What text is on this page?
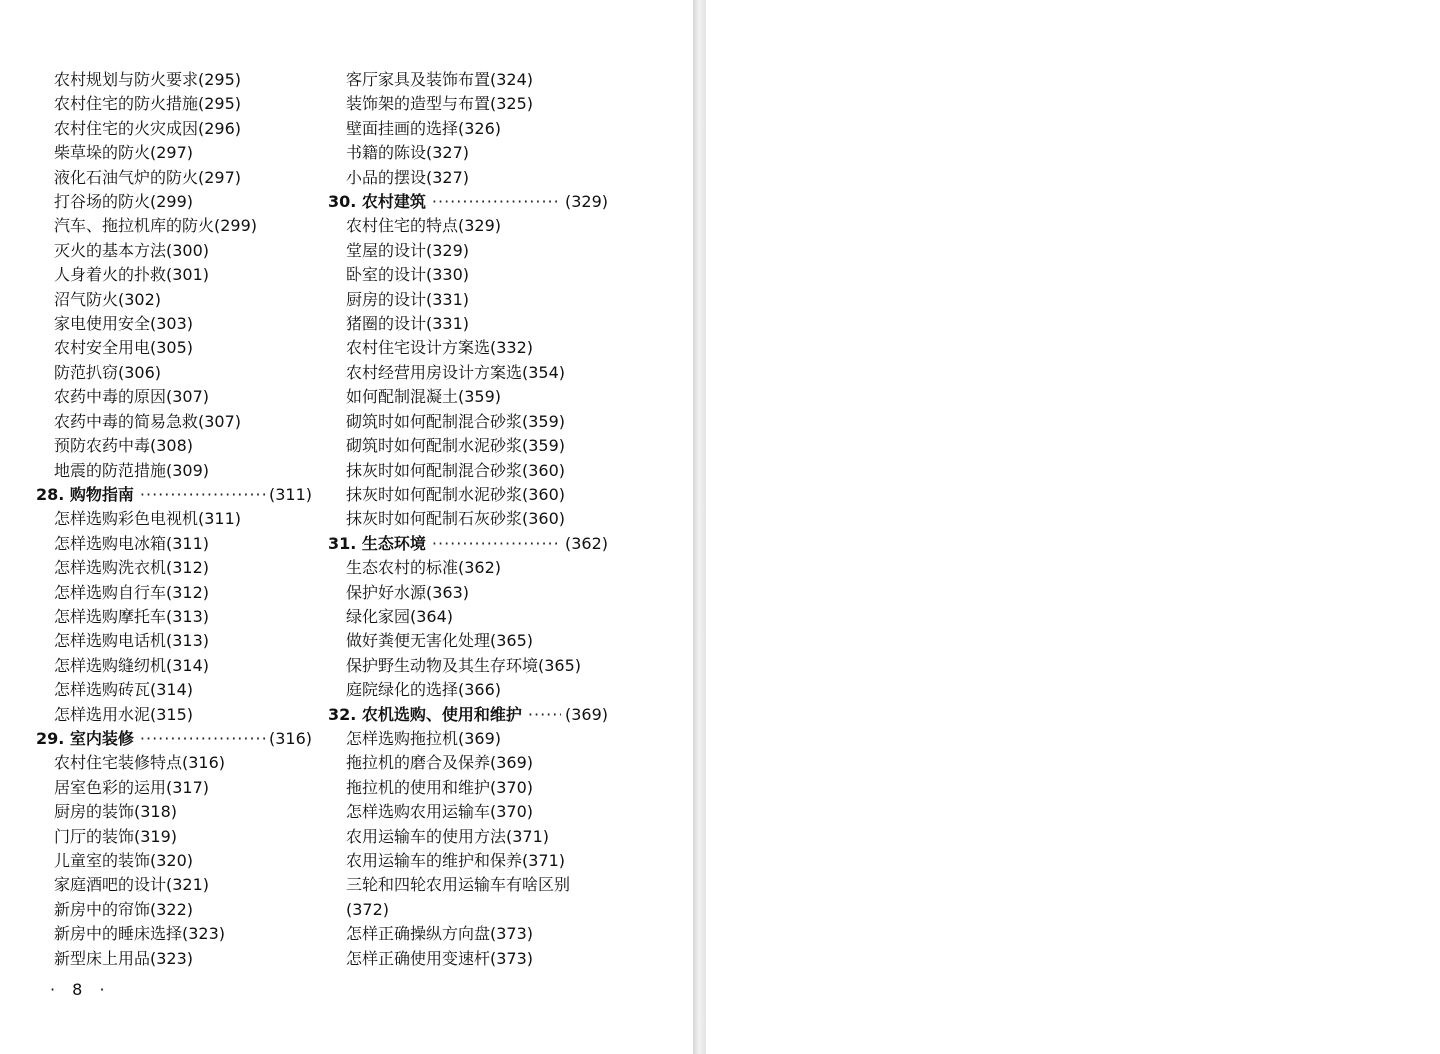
农村规划与防火要求(295)
农村住宅的防火措施(295)
农村住宅的火灾成因(296)
柴草垛的防火(297)
液化石油气炉的防火(297)
打谷场的防火(299)
汽车、拖拉机库的防火(299)
灭火的基本方法(300)
人身着火的扑救(301)
沼气防火(302)
家电使用安全(303)
农村安全用电(305)
防范扒窃(306)
农药中毒的原因(307)
农药中毒的简易急救(307)
预防农药中毒(308)
地震的防范措施(309)
28. 购物指南 ·····	(311)
怎样选购彩色电视机(311)
怎样选购电冰箱(311)
怎样选购洗衣机(312)
怎样选购自行车(312)
怎样选购摩托车(313)
怎样选购电话机(313)
怎样选购缝纫机(314)
怎样选购砖瓦(314)
怎样选用水泥(315)
29. 室内装修 ·····	(316)
农村住宅装修特点(316)
居室色彩的运用(317)
厨房的装饰(318)
门厅的装饰(319)
儿童室的装饰(320)
家庭酒吧的设计(321)
新房中的帘饰(322)
新房中的睡床选择(323)
新型床上用品(323)
客厅家具及装饰布置(324)
装饰架的造型与布置(325)
壁面挂画的选择(326)
书籍的陈设(327)
小品的摆设(327)
30. 农村建筑 ·····	(329)
农村住宅的特点(329)
堂屋的设计(329)
卧室的设计(330)
厨房的设计(331)
猪圈的设计(331)
农村住宅设计方案选(332)
农村经营用房设计方案选(354)
如何配制混凝土(359)
砌筑时如何配制混合砂浆(359)
砌筑时如何配制水泥砂浆(359)
抹灰时如何配制混合砂浆(360)
抹灰时如何配制水泥砂浆(360)
抹灰时如何配制石灰砂浆(360)
31. 生态环境 ·····	(362)
生态农村的标准(362)
保护好水源(363)
绿化家园(364)
做好粪便无害化处理(365)
保护野生动物及其生存环境(365)
庭院绿化的选择(366)
32. 农机选购、使用和维护 ·····	(369)
怎样选购拖拉机(369)
拖拉机的磨合及保养(369)
拖拉机的使用和维护(370)
怎样选购农用运输车(370)
农用运输车的使用方法(371)
农用运输车的维护和保养(371)
三轮和四轮农用运输车有啥区别(372)
怎样正确操纵方向盘(373)
怎样正确使用变速杆(373)
· 8 ·
